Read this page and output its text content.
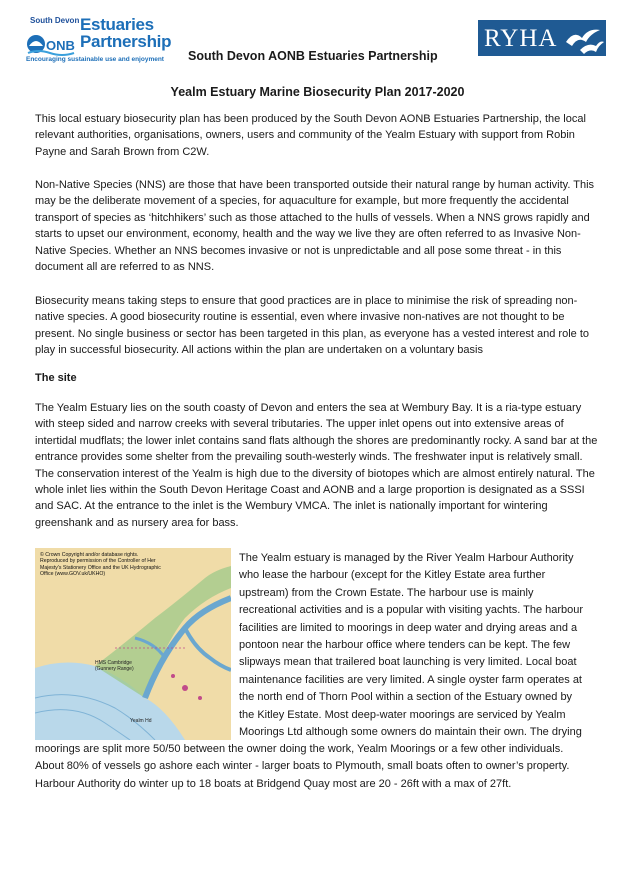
ONB
South Devon Estuaries
Partnership
Encouraging sustainable use and enjoyment South Devon AONB Estuaries Partnership
RYHA
Yealm Estuary Marine Biosecurity Plan 2017-2020

This local estuary biosecurity plan has been produced by the South Devon AONB Estuaries Partnership, the local relevant authorities, organisations, owners, users and community of the Yealm Estuary with support from Robin Payne and Sarah Brown from C2W.

Non-Native Species (NNS) are those that have been transported outside their natural range by human activity. This may be the deliberate movement of a species, for aquaculture for example, but more frequently the accidental transport of species as ‘hitchhikers’ such as those attached to the hulls of vessels. When a NNS grows rapidly and starts to upset our environment, economy, health and the way we live they are often referred to as Invasive Non-Native Species. Whether an NNS becomes invasive or not is unpredictable and all pose some threat - in this document all are referred to as NNS.

Biosecurity means taking steps to ensure that good practices are in place to minimise the risk of spreading non-native species. A good biosecurity routine is essential, even where invasive non-natives are not thought to be present. No single business or sector has been targeted in this plan, as everyone has a vested interest and role to play in successful biosecurity. All actions within the plan are undertaken on a voluntary basis

The site

The Yealm Estuary lies on the south coasty of Devon and enters the sea at Wembury Bay. It is a ria-type estuary with steep sided and narrow creeks with several tributaries. The upper inlet opens out into extensive areas of intertidal mudflats; the lower inlet contains sand flats although the shores are predominantly rocky. A sand bar at the entrance provides some shelter from the prevailing south-westerly winds. The freshwater input is relatively small. The conservation interest of the Yealm is high due to the diversity of biotopes which are almost entirely natural. The whole inlet lies within the South Devon Heritage Coast and AONB and a large proportion is designated as a SSSI and SAC. At the entrance to the inlet is the Wembury VMCA. The inlet is nationally important for wintering greenshank and as nursery area for bass.

© Crown Copyright and/or database rights. Reproduced by permission of the Controller of Her Majesty's Stationery Office and the UK Hydrographic Office (www.GOV.uk/UKHO)
HMS Cambridge (Gunnery Range)
Yealm Hd
The Yealm estuary is managed by the River Yealm Harbour Authority
who lease the harbour (except for the Kitley Estate area further
upstream) from the Crown Estate. The harbour use is mainly
recreational activities and is a popular with visiting yachts. The harbour
facilities are limited to moorings in deep water and drying areas and a
pontoon near the harbour office where tenders can be kept. The few
slipways mean that trailered boat launching is very limited. Local boat
maintenance facilities are very limited. A single oyster farm operates at
the north end of Thorn Pool within a section of the Estuary owned by
the Kitley Estate. Most deep-water moorings are serviced by Yealm
Moorings Ltd although some owners do maintain their own. The drying
moorings are split more 50/50 between the owner doing the work, Yealm Moorings or a few other individuals.
About 80% of vessels go ashore each winter - larger boats to Plymouth, small boats often to owner’s property.
Harbour Authority do winter up to 18 boats at Bridgend Quay most are 20 - 26ft with a max of 27ft.
